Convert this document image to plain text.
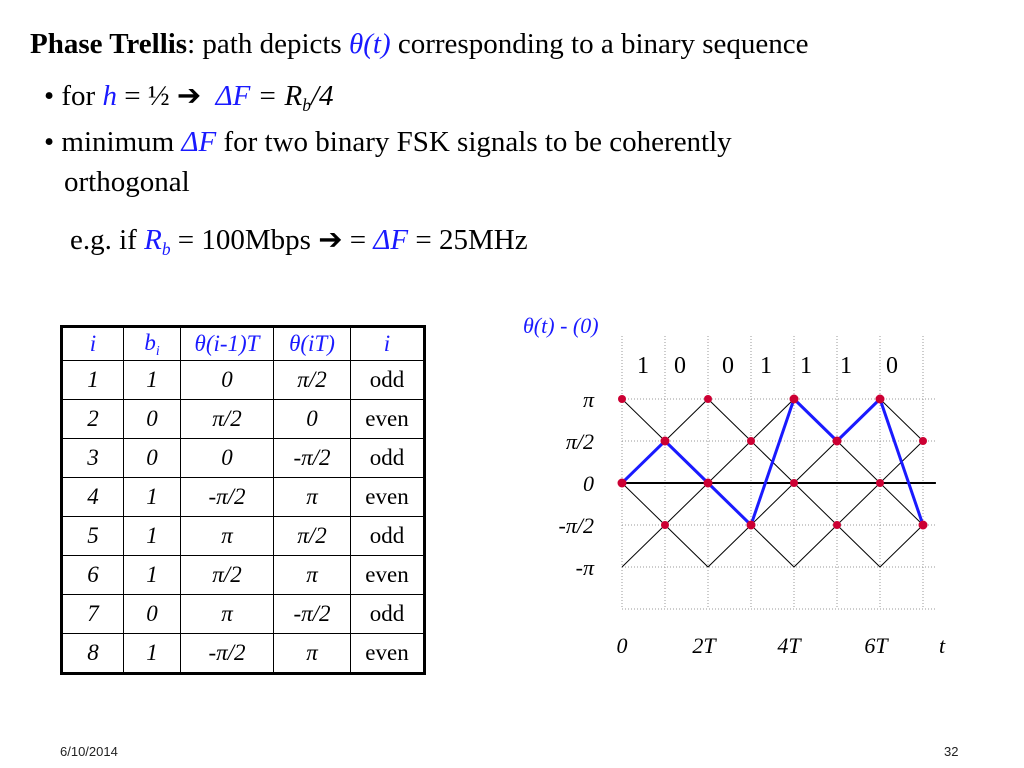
Phase Trellis: path depicts θ(t) corresponding to a binary sequence
• for h = ½ ➔ $\Delta F = R_b/4$
• minimum ΔF for two binary FSK signals to be coherently
orthogonal
e.g. if $R_b$ = 100Mbps ➔ = ΔF = 25MHz
i	$b_i$	θ(i-1)T	θ(iT)	i
1	1	0	π/2	odd
2	0	π/2	0	even
3	0	0	-π/2	odd
4	1	-π/2	π	even
5	1	π	π/2	odd
6	1	π/2	π	even
7	0	π	-π/2	odd
8	1	-π/2	π	even
θ(t) - (0)
1 0 0 1 1 1 0
π
π/2
0
-π/2
-π
0	2T	4T	6T t
6/10/2014	32
